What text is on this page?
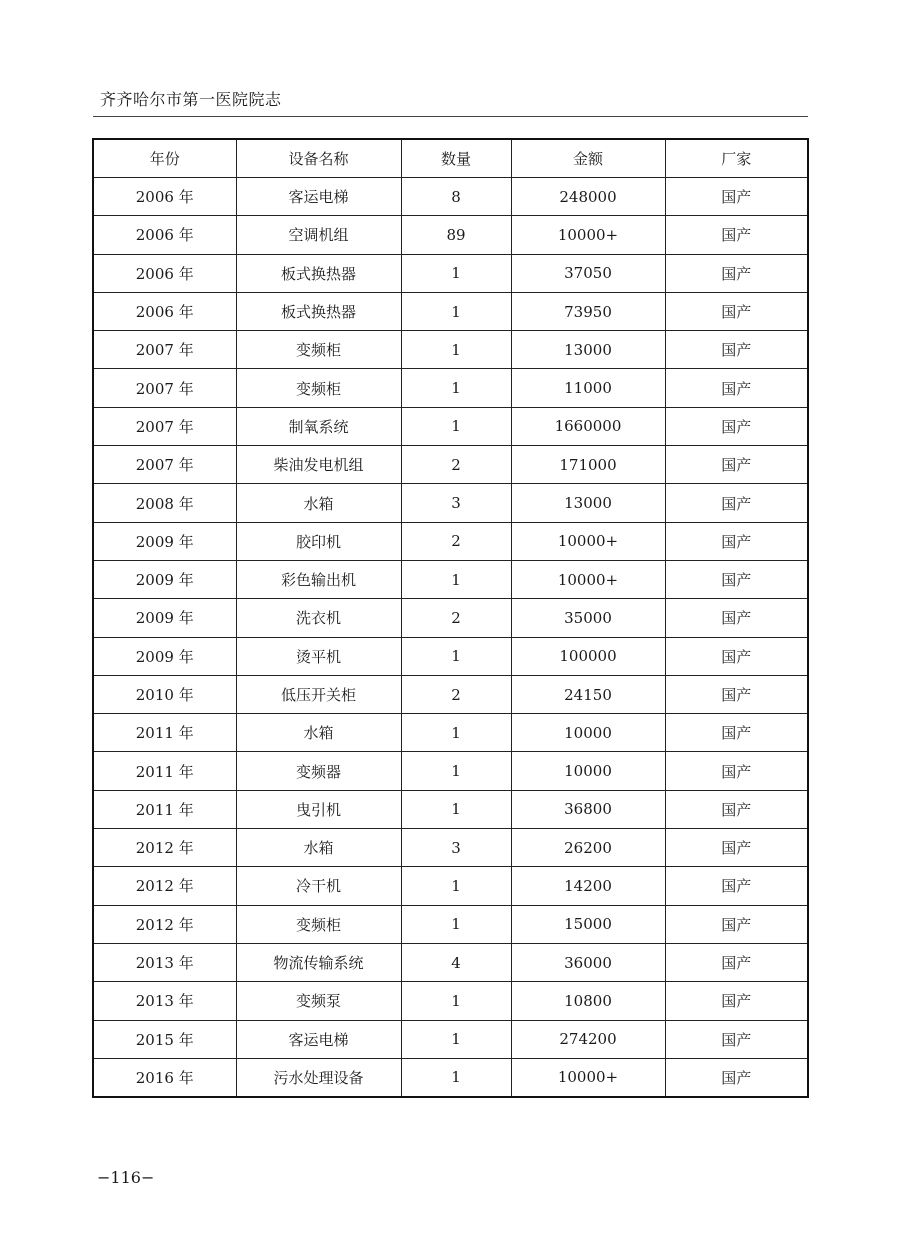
齐齐哈尔市第一医院院志
年份	设备名称	数量	金额	厂家
2006 年	客运电梯	8	248000	国产
2006 年	空调机组	89	10000+	国产
2006 年	板式换热器	1	37050	国产
2006 年	板式换热器	1	73950	国产
2007 年	变频柜	1	13000	国产
2007 年	变频柜	1	11000	国产
2007 年	制氧系统	1	1660000	国产
2007 年	柴油发电机组	2	171000	国产
2008 年	水箱	3	13000	国产
2009 年	胶印机	2	10000+	国产
2009 年	彩色输出机	1	10000+	国产
2009 年	洗衣机	2	35000	国产
2009 年	烫平机	1	100000	国产
2010 年	低压开关柜	2	24150	国产
2011 年	水箱	1	10000	国产
2011 年	变频器	1	10000	国产
2011 年	曳引机	1	36800	国产
2012 年	水箱	3	26200	国产
2012 年	冷干机	1	14200	国产
2012 年	变频柜	1	15000	国产
2013 年	物流传输系统	4	36000	国产
2013 年	变频泵	1	10800	国产
2015 年	客运电梯	1	274200	国产
2016 年	污水处理设备	1	10000+	国产
−116−
